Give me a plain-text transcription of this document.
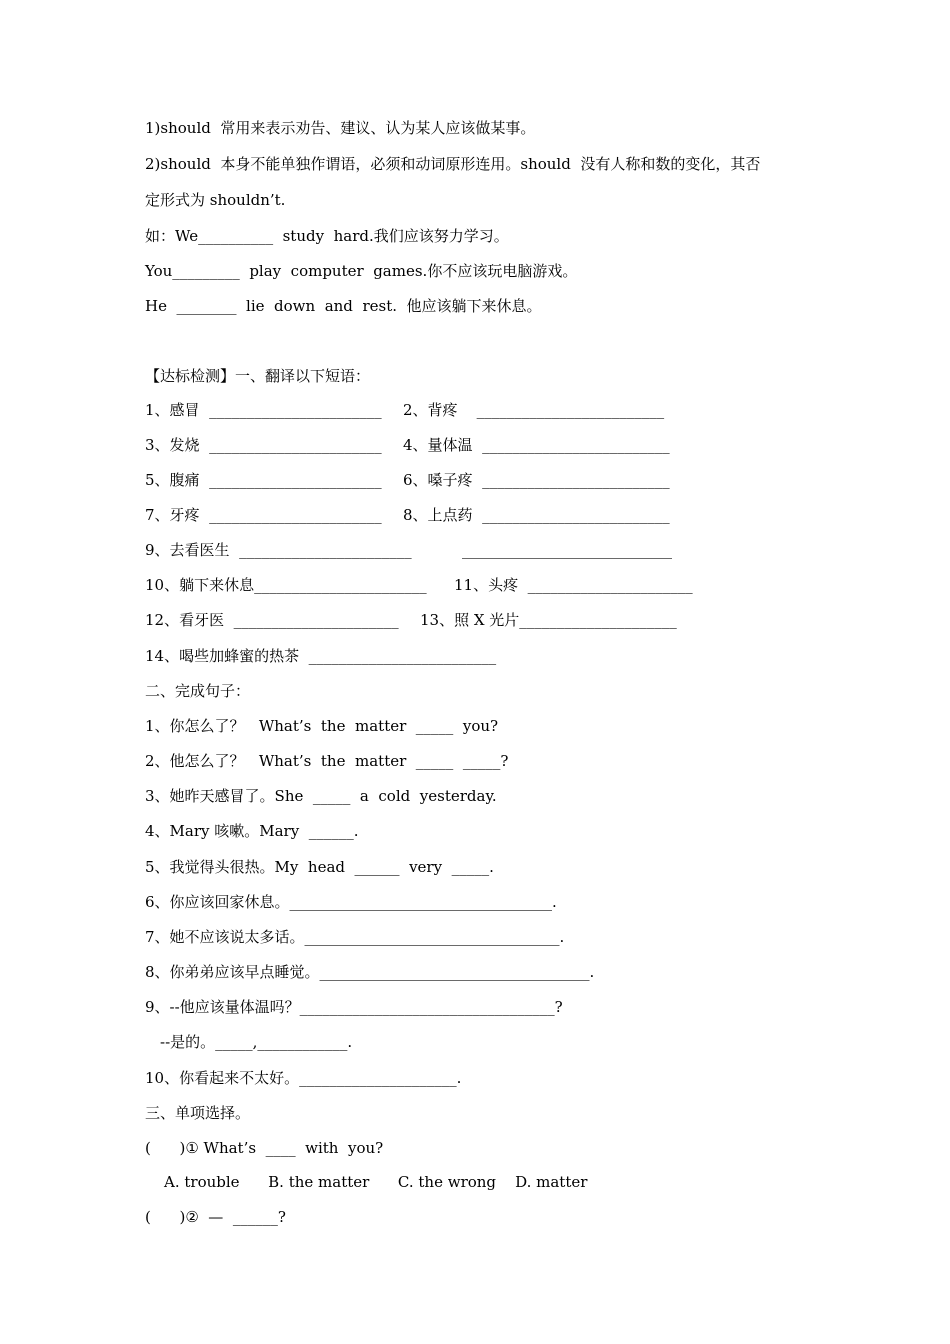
1)should  常用来表示劝告、建议、认为某人应该做某事。
2)should  本身不能单独作谓语，必须和动词原形连用。should  没有人称和数的变化，其否
定形式为 shouldn’t.
如：We__________  study  hard.我们应该努力学习。
You_________  play  computer  games.你不应该玩电脑游戏。
He  ________  lie  down  and  rest.  他应该躺下来休息。
【达标检测】一、翻译以下短语：
1、感冒  _______________________ 2、背疼    _________________________
3、发烧  _______________________ 4、量体温  _________________________
5、腹痛  _______________________ 6、嗓子疼  _________________________
7、牙疼  _______________________ 8、上点药  _________________________
9、去看医生  _______________________	____________________________
10、躺下来休息_______________________ 11、头疼  ______________________
12、看牙医  ______________________ 13、照 X 光片_____________________
14、喝些加蜂蜜的热茶  _________________________
二、完成句子：
1、你怎么了？   What’s  the  matter  _____  you?
2、他怎么了？   What’s  the  matter  _____  _____?
3、她昨天感冒了。She  _____  a  cold  yesterday.
4、Mary 咳嗽。Mary  ______.
5、我觉得头很热。My  head  ______  very  _____.
6、你应该回家休息。___________________________________.
7、她不应该说太多话。__________________________________.
8、你弟弟应该早点睡觉。____________________________________.
9、--他应该量体温吗？__________________________________?
--是的。_____,____________.
10、你看起来不太好。_____________________.
三、单项选择。
(      )① What’s  ____  with  you?
A. trouble      B. the matter      C. the wrong    D. matter
(      )②  —  ______?
